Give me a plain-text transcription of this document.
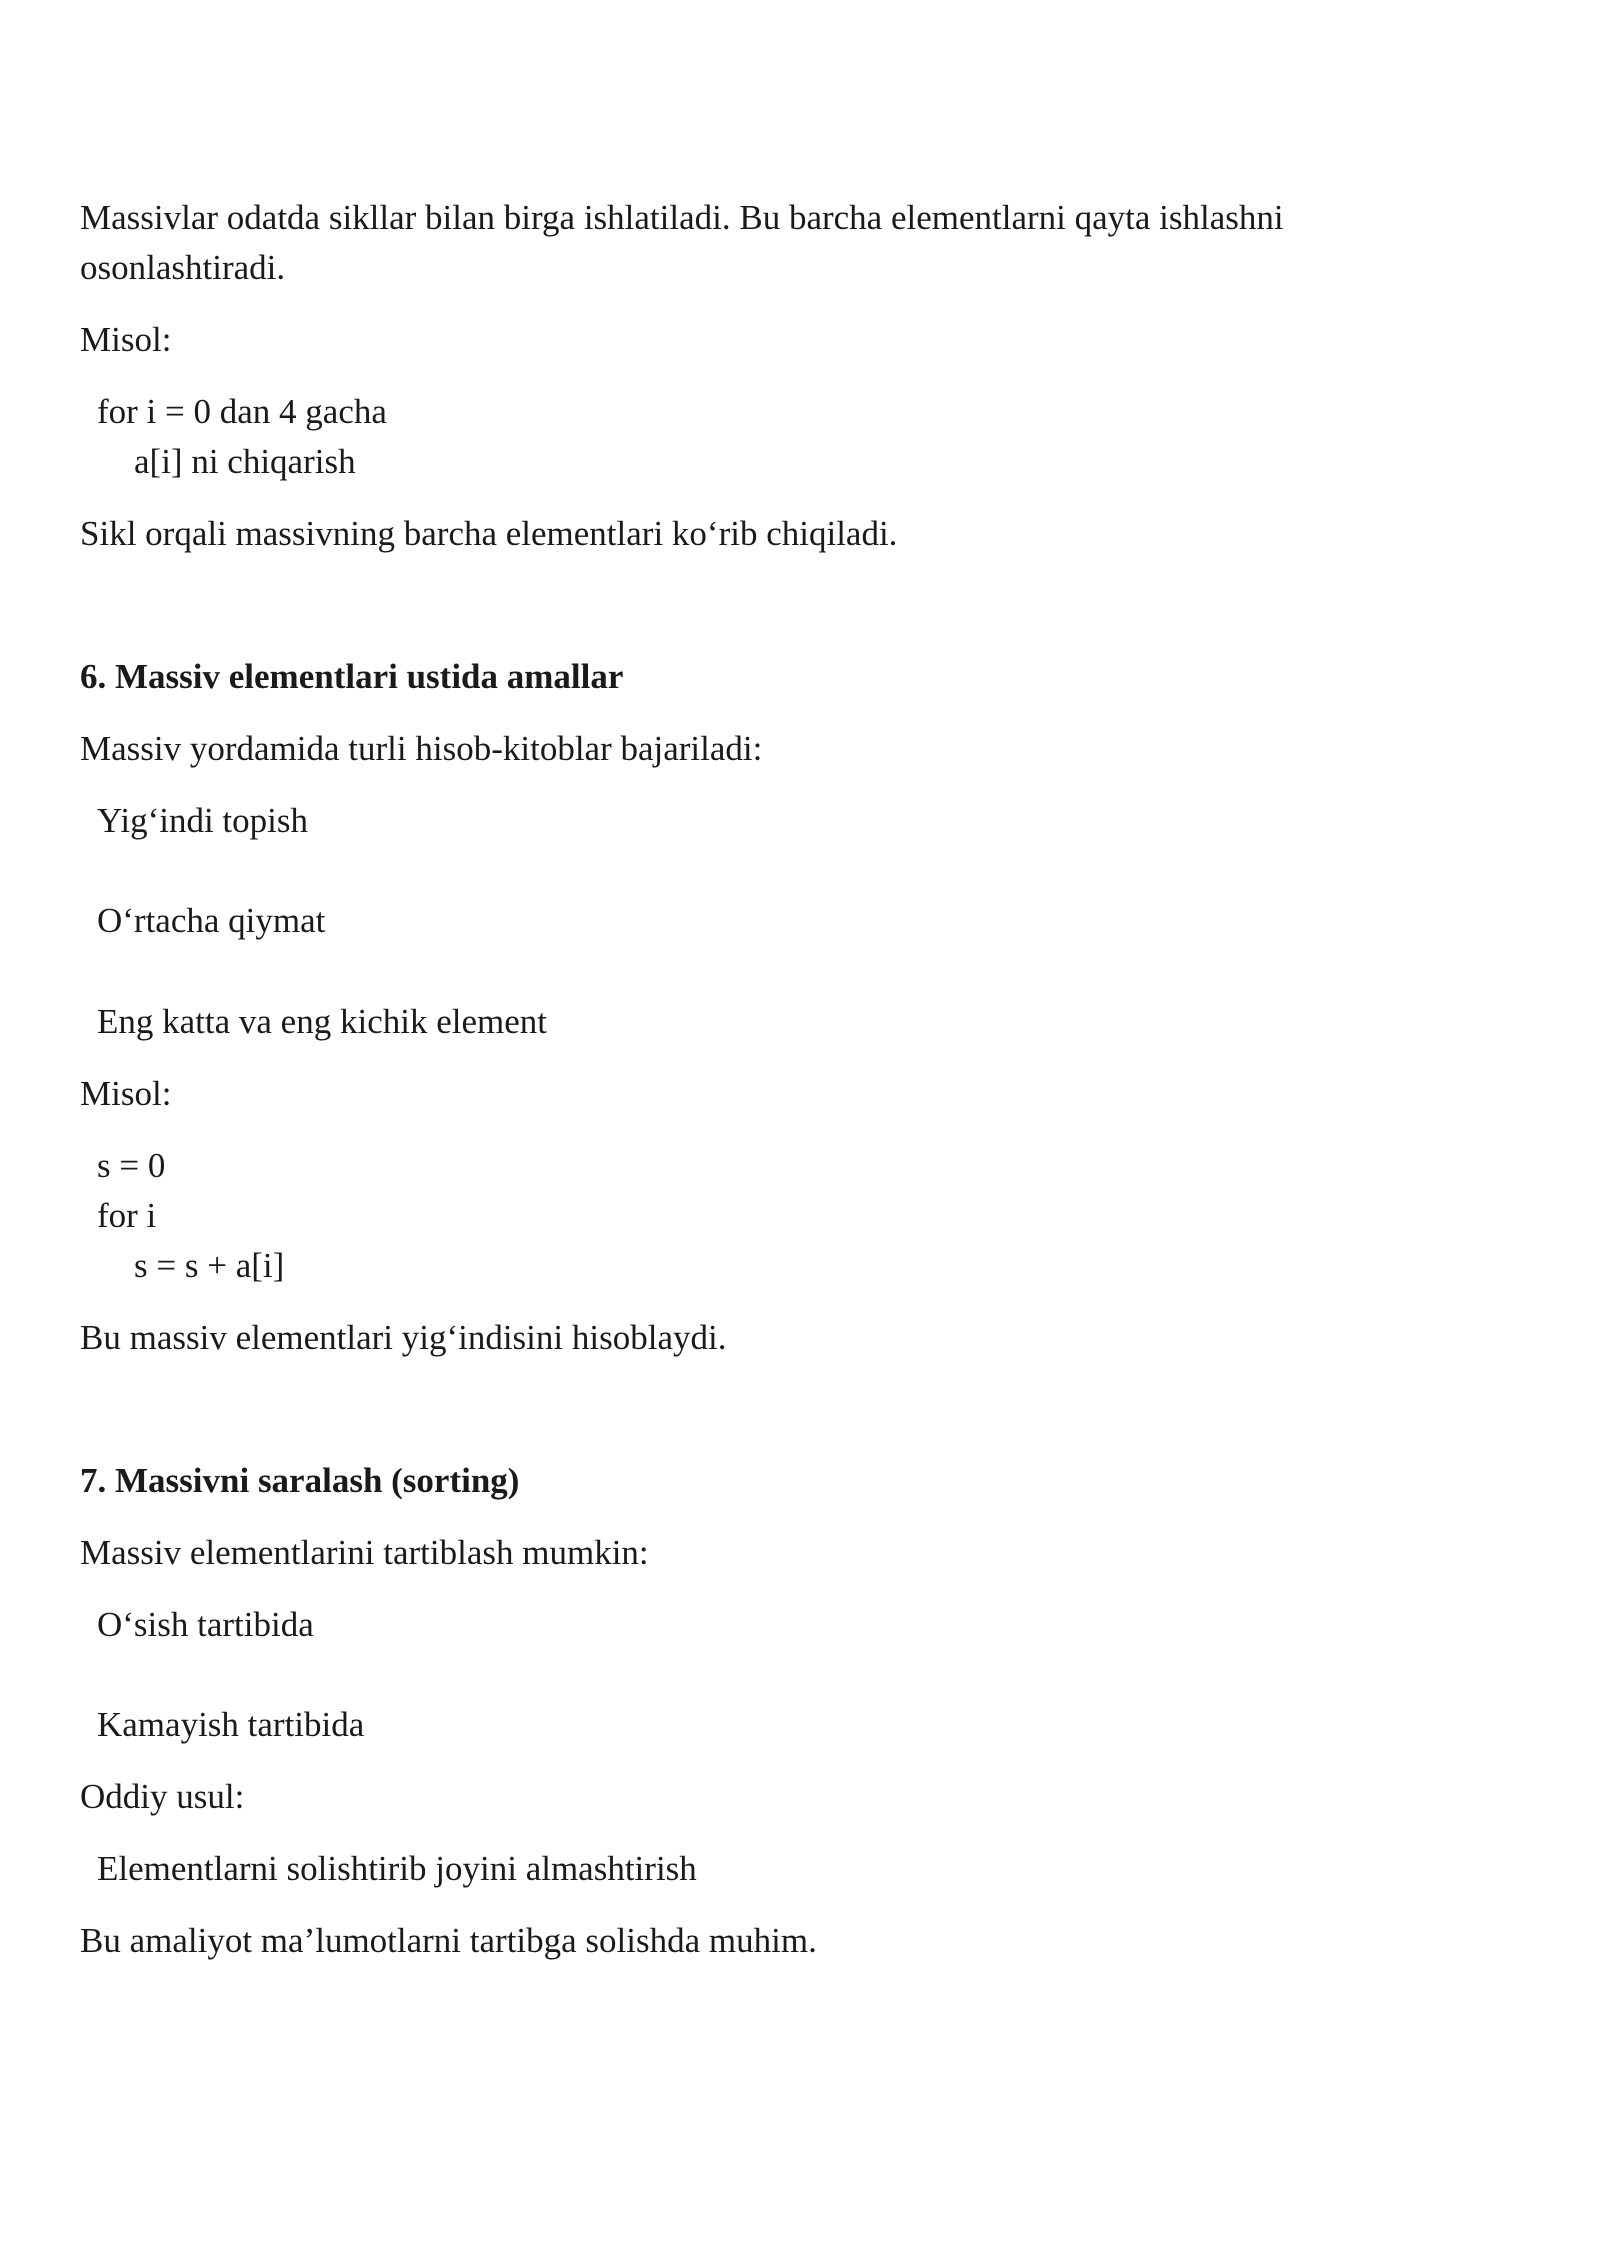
Massivlar odatda sikllar bilan birga ishlatiladi. Bu barcha elementlarni qayta ishlashni
osonlashtiradi.
Misol:
for i = 0 dan 4 gacha
a[i] ni chiqarish
Sikl orqali massivning barcha elementlari ko‘rib chiqiladi.
6. Massiv elementlari ustida amallar
Massiv yordamida turli hisob-kitoblar bajariladi:
Yig‘indi topish
O‘rtacha qiymat
Eng katta va eng kichik element
Misol:
s = 0
for i
s = s + a[i]
Bu massiv elementlari yig‘indisini hisoblaydi.
7. Massivni saralash (sorting)
Massiv elementlarini tartiblash mumkin:
O‘sish tartibida
Kamayish tartibida
Oddiy usul:
Elementlarni solishtirib joyini almashtirish
Bu amaliyot ma’lumotlarni tartibga solishda muhim.
